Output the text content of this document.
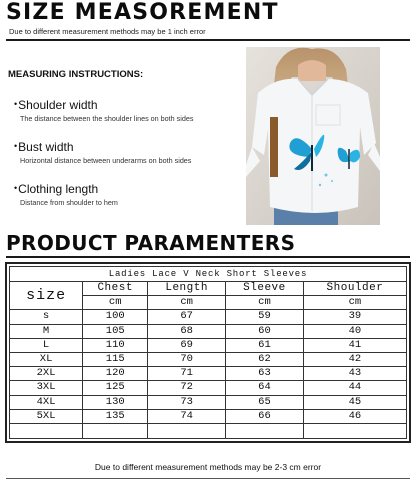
SIZE MEASOREMENT
Due to different measurement methods may be 1 inch error
MEASURING INSTRUCTIONS:
•Shoulder width
The distance between the shoulder lines on both sides
•Bust width
Horizontal distance between underarms on both sides
•Clothing length
Distance from shoulder to hem
PRODUCT PARAMENTERS
Ladies Lace V Neck Short Sleeves				
size	Chest	Length	Sleeve	Shoulder
	cm	cm	cm	cm
s	100	67	59	39
M	105	68	60	40
L	110	69	61	41
XL	115	70	62	42
2XL	120	71	63	43
3XL	125	72	64	44
4XL	130	73	65	45
5XL	135	74	66	46

Due to different measurement methods may be 2-3 cm error
